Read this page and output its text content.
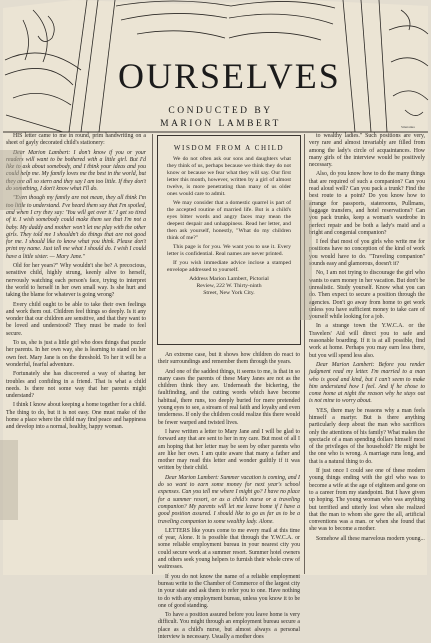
Smetanka
OURSELVES
CONDUCTED BY
MARION LAMBERT

HIS letter came to me in round, prim handwriting on a sheet of gayly decorated child's stationery:

Dear Marion Lambert: I don't know if you or your readers will want to be bothered with a little girl. But I'd like to ask about somebody, and I think your ideas and you could help me. My family loves me the best in the world, but they are all so stern and they say I am too little. If they don't do something, I don't know what I'll do.

"Even though my family are not mean, they all think I'm too little to understand. I've heard them say that I'm spoiled, and when I cry they say: 'You will get over it.' I get so tired of it. I wish somebody could make them see that I'm not a baby. My daddy and mother won't let me play with the other girls. They told me I shouldn't do things that are not good for me. I should like to know what you think. Please don't print my name. Just tell me what I should do. I wish I could have a little sister. — Mary Jane."

Old for her years?" Why wouldn't she be? A precocious, sensitive child, highly strung, keenly alive to herself, nervously watching each person's face, trying to interpret the world to herself in her own small way. Is she hurt and taking the blame for whatever is going wrong?

Every child ought to be able to take their own feelings and work them out. Children feel things so deeply. Is it any wonder that our children are sensitive, and that they want to be loved and understood? They must be made to feel secure.

To us, she is just a little girl who does things that puzzle her parents. In her own way, she is learning to stand on her own feet. Mary Jane is on the threshold. To her it will be a wonderful, fearful adventure.

Fortunately she has discovered a way of sharing her troubles and confiding in a friend. That is what a child needs. Is there not some way that her parents might understand?

I think I know about keeping a home together for a child. The thing to do, but it is not easy. One must make of the home a place where the child may find peace and happiness and develop into a normal, healthy, happy woman.

WISDOM FROM A CHILD

We do not often ask our sons and daughters what they think of us, perhaps because we think they do not know or because we fear what they will say. Our first letter this month, however, written by a girl of almost twelve, is more penetrating than many of us older ones would care to admit.

We may consider that a domestic quarrel is part of the accepted routine of married life. But is a child's eyes bitter words and angry faces may mean the deepest despair and unhappiness. Read her letter, and then ask yourself, honestly, "What do my children think of me?"

This page is for you. We want you to use it. Every letter is confidential. Real names are never printed.

If you wish immediate advice inclose a stamped envelope addressed to yourself.

Address Marion Lambert, Pictorial
Review, 222 W. Thirty-ninth
Street, New York City.

An extreme case, but it shows how children do react to their surroundings and remember them through the years.

And one of the saddest things, it seems to me, is that in so many cases the parents of these Mary Janes are not as the children think they are. Underneath the bickering, the faultfinding, and the cutting words which have become habitual, there runs, too deeply buried for mere pretended young eyes to see, a stream of real faith and loyalty and even tenderness. If only the children could realize this there would be fewer warped and twisted lives.

I have written a letter to Mary Jane and I will be glad to forward any that are sent to her in my care. But most of all I am hoping that her letter may be seen by other parents who are like her own. I am quite aware that many a father and mother may read this letter and wonder guiltily if it was written by their child.

Dear Marion Lambert: Summer vacation is coming, and I do so want to earn some money for next year's school expenses. Can you tell me where I might go? I have no place for a summer resort, or as a child's nurse or a traveling companion? My parents will let me leave home if I have a good position assured. I should like to go as far as to be a traveling companion to some wealthy lady. Alone.

LETTERS like yours come to me every mail at this time of year, Alone. It is possible that through the Y.W.C.A. or some reliable employment bureau in your nearest city you could secure work at a summer resort. Summer hotel owners and others seek young helpers to furnish their whole crew of waitresses.

If you do not know the name of a reliable employment bureau write to the Chamber of Commerce of the largest city in your state and ask them to refer you to one. Have nothing to do with any employment bureau, unless you know it to be one of good standing.

To have a position assured before you leave home is very difficult. You might through an employment bureau secure a place as a child's nurse, but almost always a personal interview is necessary. Usually a mother does

to wealthy ladies." Such positions are very, very rare and almost invariably are filled from among the lady's circle of acquaintances. How many girls of the interview would be positively necessary.

Also, do you know how to do the many things that are required of such a companion? Can you read aloud well? Can you pack a trunk? Find the best route to a point? Do you know how to arrange for passports, staterooms, Pullmans, baggage transfers, and hotel reservations? Can you pack trunks, keep a woman's wardrobe in perfect repair and be both a lady's maid and a bright and congenial companion?

I feel that most of you girls who write me for positions have no conception of the kind of work you would have to do. "Traveling companion" sounds easy and glamorous, doesn't it?

No, I am not trying to discourage the girl who wants to earn money in her vacation. But don't be unrealistic. Study yourself. Know what you can do. Then expect to secure a position through the agencies. Don't go away from home to get work unless you have sufficient money to take care of yourself while looking for a job.

In a strange town the Y.W.C.A. or the Travelers' Aid will direct you to safe and reasonable boarding. If it is at all possible, find work at home. Perhaps you may earn less there, but you will spend less also.

Dear Marion Lambert: Before you render judgment read my letter. I'm married to a man who is good and kind, but I can't seem to make him understand how I feel. And if he chose to come home at night the reason why he stays out is not mine to worry about.

YES, there may be reasons why a man feels himself a martyr. But is there anything particularly deep about the man who sacrifices only the attentions of his family? What makes the spectacle of a man spending dollars himself most of the privileges of the household? He might be the one who is wrong. A marriage runs long, and that is a natural thing to do.

If just once I could see one of these modern young things ending with the girl who was to become a wife at the age of eighteen and gone on to a career from my standpoint. But I have given up hoping. The young woman who was anything but terrified and utterly lost when she realized that the man to whom she gave the all, artificial conventions was a man. or when she found that she was to become a mother.

Somehow all these marvelous modern young...
